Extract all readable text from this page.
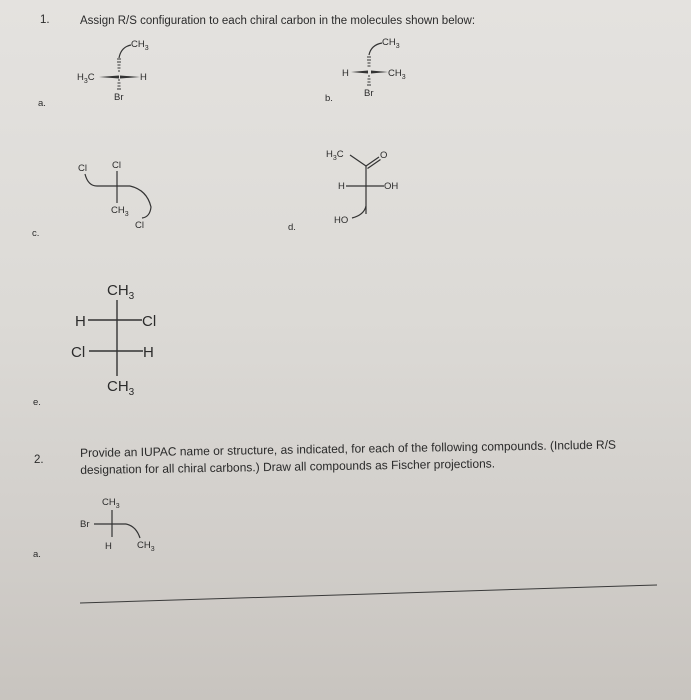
1.	Assign R/S configuration to each chiral carbon in the molecules shown below:
a.
$CH_3$
$H_3C$	H
Br	b.
$CH_3$
H	$CH_3$
Br
c.
Cl	Cl
$CH_3$
Cl	d.
$H_3C$	O
H	OH
HO
e.
$CH_3$
H	Cl
Cl	H
$CH_3$
2.
Provide an IUPAC name or structure, as indicated, for each of the following compounds. (Include R/S
designation for all chiral carbons.) Draw all compounds as Fischer projections.
a.
$CH_3$
Br
H	$CH_3$
